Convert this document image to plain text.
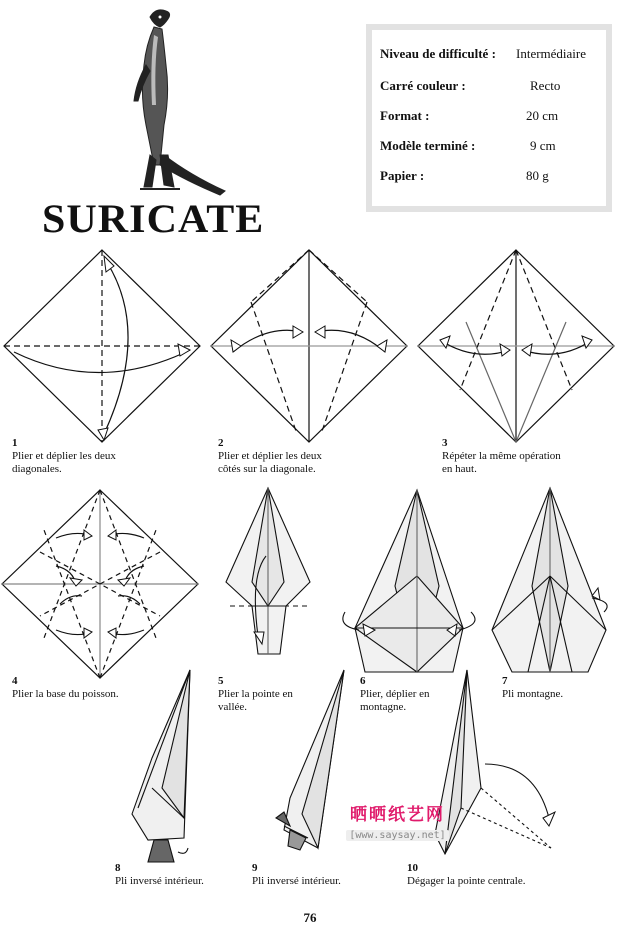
SURICATE
Niveau de difficulté : Intermédiaire
Carré couleur :	Recto
Format :	20 cm
Modèle terminé :	9 cm
Papier :	80 g
1
Plier et déplier les deux
diagonales.
2
Plier et déplier les deux
côtés sur la diagonale.
3
Répéter la même opération
en haut.
4
Plier la base du poisson.
5
Plier la pointe en
vallée.
6
Plier, déplier en
montagne.
7
Pli montagne.
8
Pli inversé intérieur.
9
Pli inversé intérieur.
10
Dégager la pointe centrale.
晒晒纸艺网
[www.saysay.net]
76
